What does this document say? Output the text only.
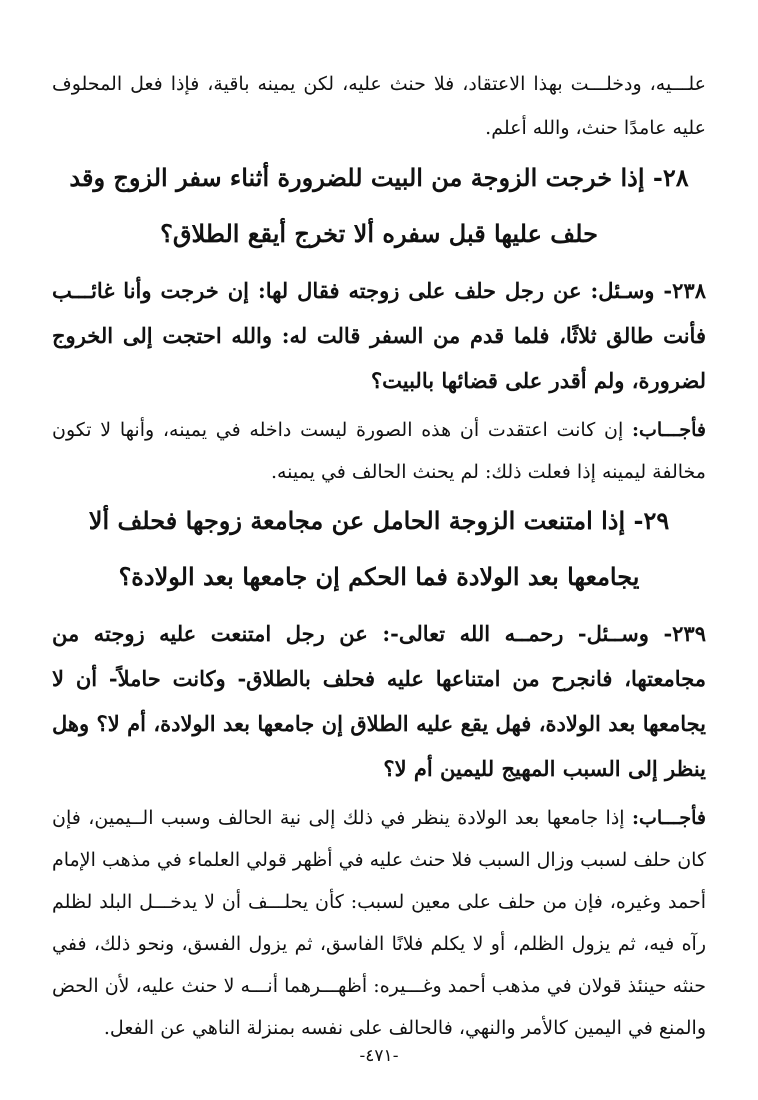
علـــيه، ودخلـــت بهذا الاعتقاد، فلا حنث عليه، لكن يمينه باقية، فإذا فعل المحلوف عليه عامدًا حنث، والله أعلم.

٢٨- إذا خرجت الزوجة من البيت للضرورة أثناء سفر الزوج وقد حلف عليها قبل سفره ألا تخرج أيقع الطلاق؟

٢٣٨- وسـئل: عن رجل حلف على زوجته فقال لها: إن خرجت وأنا غائـــب فأنت طالق ثلاثًا، فلما قدم من السفر قالت له: والله احتجت إلى الخروج لضرورة، ولم أقدر على قضائها بالبيت؟

فأجـــاب: إن كانت اعتقدت أن هذه الصورة ليست داخله في يمينه، وأنها لا تكون مخالفة ليمينه إذا فعلت ذلك: لم يحنث الحالف في يمينه.

٢٩- إذا امتنعت الزوجة الحامل عن مجامعة زوجها فحلف ألا يجامعها بعد الولادة فما الحكم إن جامعها بعد الولادة؟

٢٣٩- وســئل- رحمــه الله تعالى-: عن رجل امتنعت عليه زوجته من مجامعتها، فانجرح من امتناعها عليه فحلف بالطلاق- وكانت حاملاً- أن لا يجامعها بعد الولادة، فهل يقع عليه الطلاق إن جامعها بعد الولادة، أم لا؟ وهل ينظر إلى السبب المهيج لليمين أم لا؟

فأجـــاب: إذا جامعها بعد الولادة ينظر في ذلك إلى نية الحالف وسبب الــيمين، فإن كان حلف لسبب وزال السبب فلا حنث عليه في أظهر قولي العلماء في مذهب الإمام أحمد وغيره، فإن من حلف على معين لسبب: كأن يحلـــف أن لا يدخـــل البلد لظلم رآه فيه، ثم يزول الظلم، أو لا يكلم فلانًا الفاسق، ثم يزول الفسق، ونحو ذلك، ففي حنثه حينئذ قولان في مذهب أحمد وغـــيره: أظهـــرهما أنـــه لا حنث عليه، لأن الحض والمنع في اليمين كالأمر والنهي، فالحالف على نفسه بمنزلة الناهي عن الفعل.

-٤٧١-
